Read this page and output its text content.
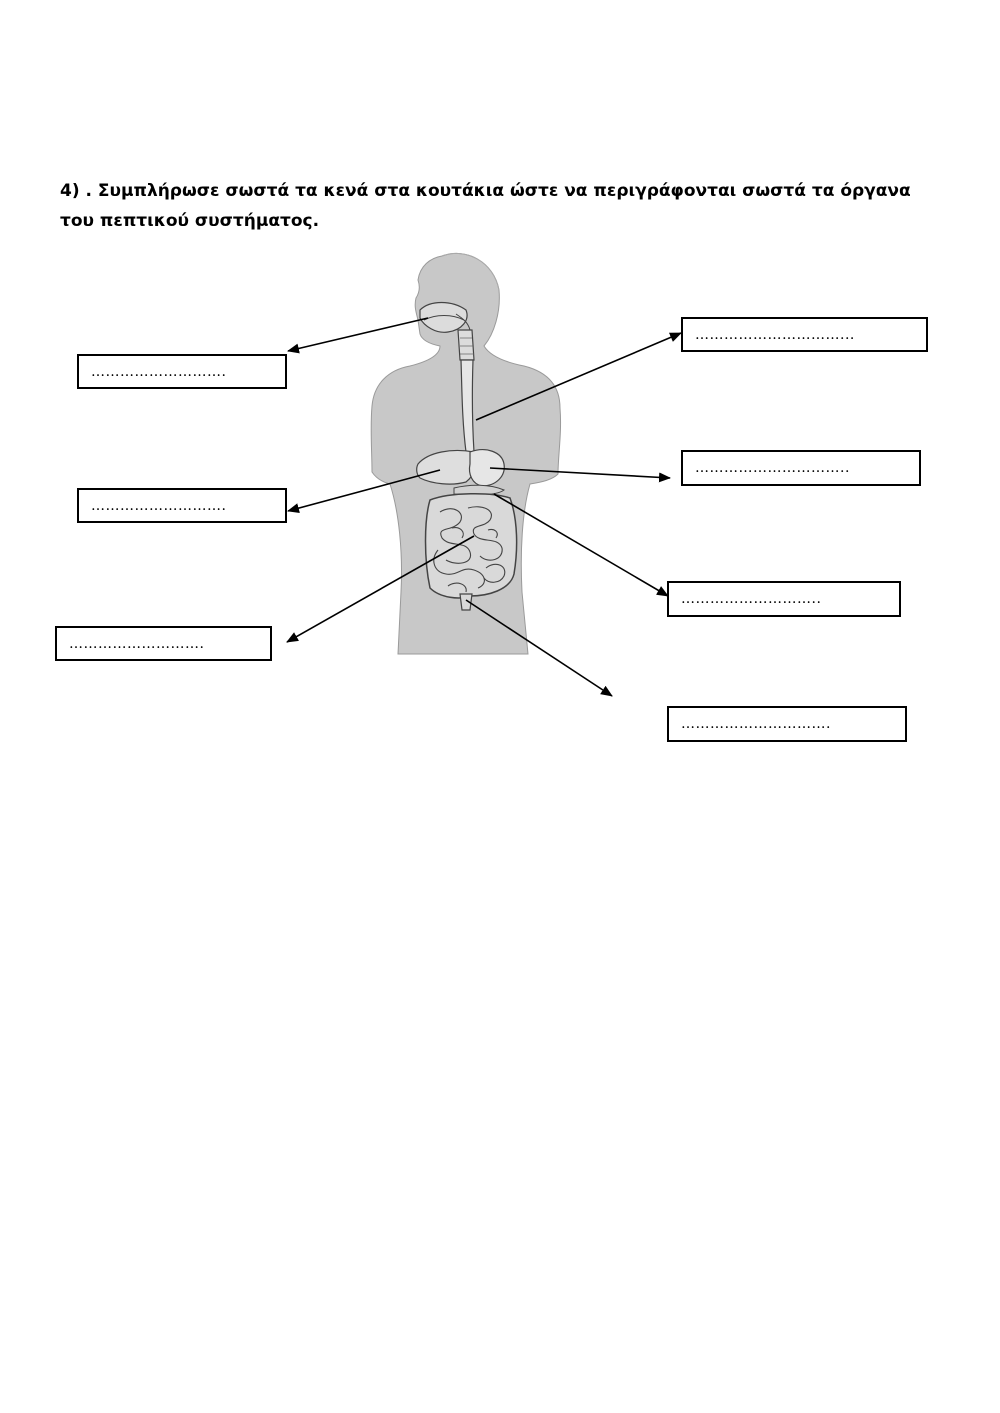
4) . Συμπλήρωσε σωστά τα κενά στα κουτάκια ώστε να περιγράφονται σωστά τα όργανα του πεπτικού συστήματος.

……………………….
……………………….
……………………….
…………………………...
…………………………..
………………………..
………………………….
